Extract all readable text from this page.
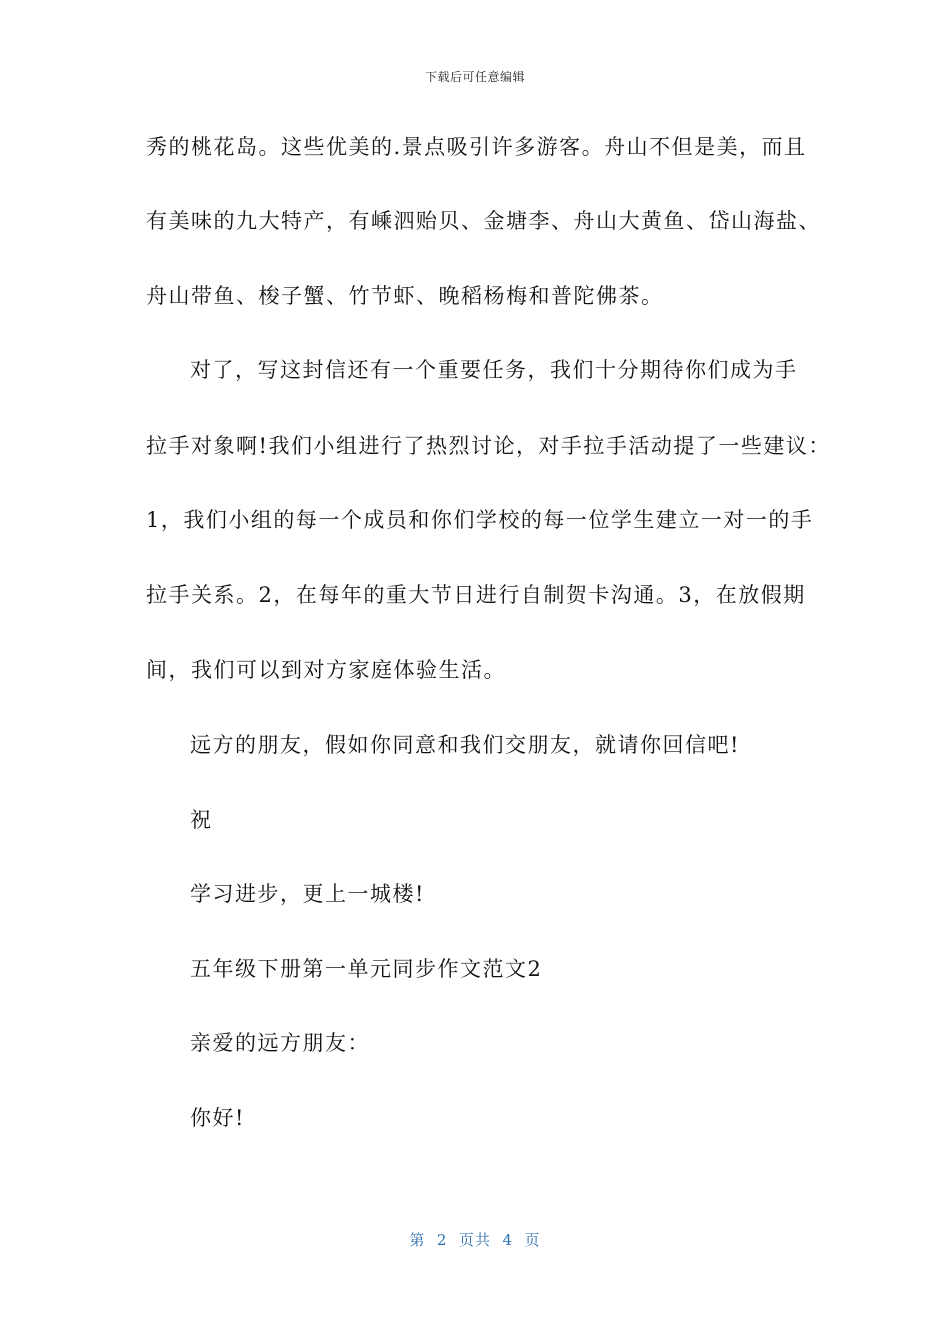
下载后可任意编辑
秀的桃花岛。这些优美的.景点吸引许多游客。舟山不但是美，而且
有美味的九大特产，有嵊泗贻贝、金塘李、舟山大黄鱼、岱山海盐、
舟山带鱼、梭子蟹、竹节虾、晚稻杨梅和普陀佛茶。
对了，写这封信还有一个重要任务，我们十分期待你们成为手
拉手对象啊!我们小组进行了热烈讨论，对手拉手活动提了一些建议：
1，我们小组的每一个成员和你们学校的每一位学生建立一对一的手
拉手关系。2，在每年的重大节日进行自制贺卡沟通。3，在放假期
间，我们可以到对方家庭体验生活。
远方的朋友，假如你同意和我们交朋友，就请你回信吧!
祝
学习进步，更上一城楼!
五年级下册第一单元同步作文范文2
亲爱的远方朋友：
你好!
第  2  页共  4  页
